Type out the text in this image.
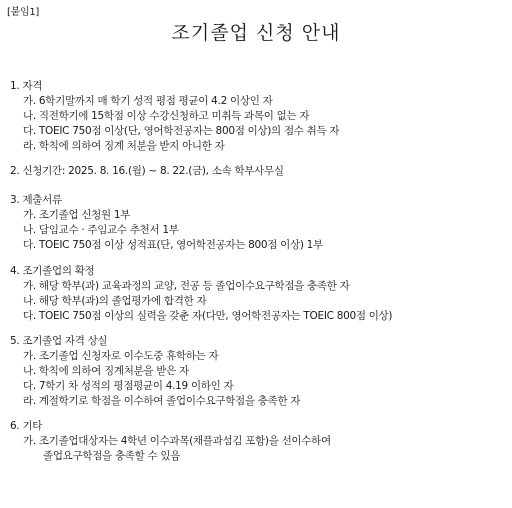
[붙임1]
조기졸업 신청 안내
1. 자격
가. 6학기말까지 매 학기 성적 평점 평균이 4.2 이상인 자
나. 직전학기에 15학점 이상 수강신청하고 미취득 과목이 없는 자
다. TOEIC 750점 이상(단, 영어학전공자는 800점 이상)의 점수 취득 자
라. 학칙에 의하여 징계 처분을 받지 아니한 자
2. 신청기간: 2025. 8. 16.(월) ~ 8. 22.(금), 소속 학부사무실
3. 제출서류
가. 조기졸업 신청원 1부
나. 담임교수 · 주임교수 추천서 1부
다. TOEIC 750점 이상 성적표(단, 영어학전공자는 800점 이상) 1부
4. 조기졸업의 확정
가. 해당 학부(과) 교육과정의 교양, 전공 등 졸업이수요구학점을 충족한 자
나. 해당 학부(과)의 졸업평가에 합격한 자
다. TOEIC 750점 이상의 실력을 갖춘 자(다만, 영어학전공자는 TOEIC 800점 이상)
5. 조기졸업 자격 상실
가. 조기졸업 신청자로 이수도중 휴학하는 자
나. 학칙에 의하여 징계처분을 받은 자
다. 7학기 차 성적의 평점평균이 4.19 이하인 자
라. 계절학기로 학점을 이수하여 졸업이수요구학점을 충족한 자
6. 기타
가. 조기졸업대상자는 4학년 이수과목(채플과섬김 포함)을 선이수하여
졸업요구학점을 충족할 수 있음
